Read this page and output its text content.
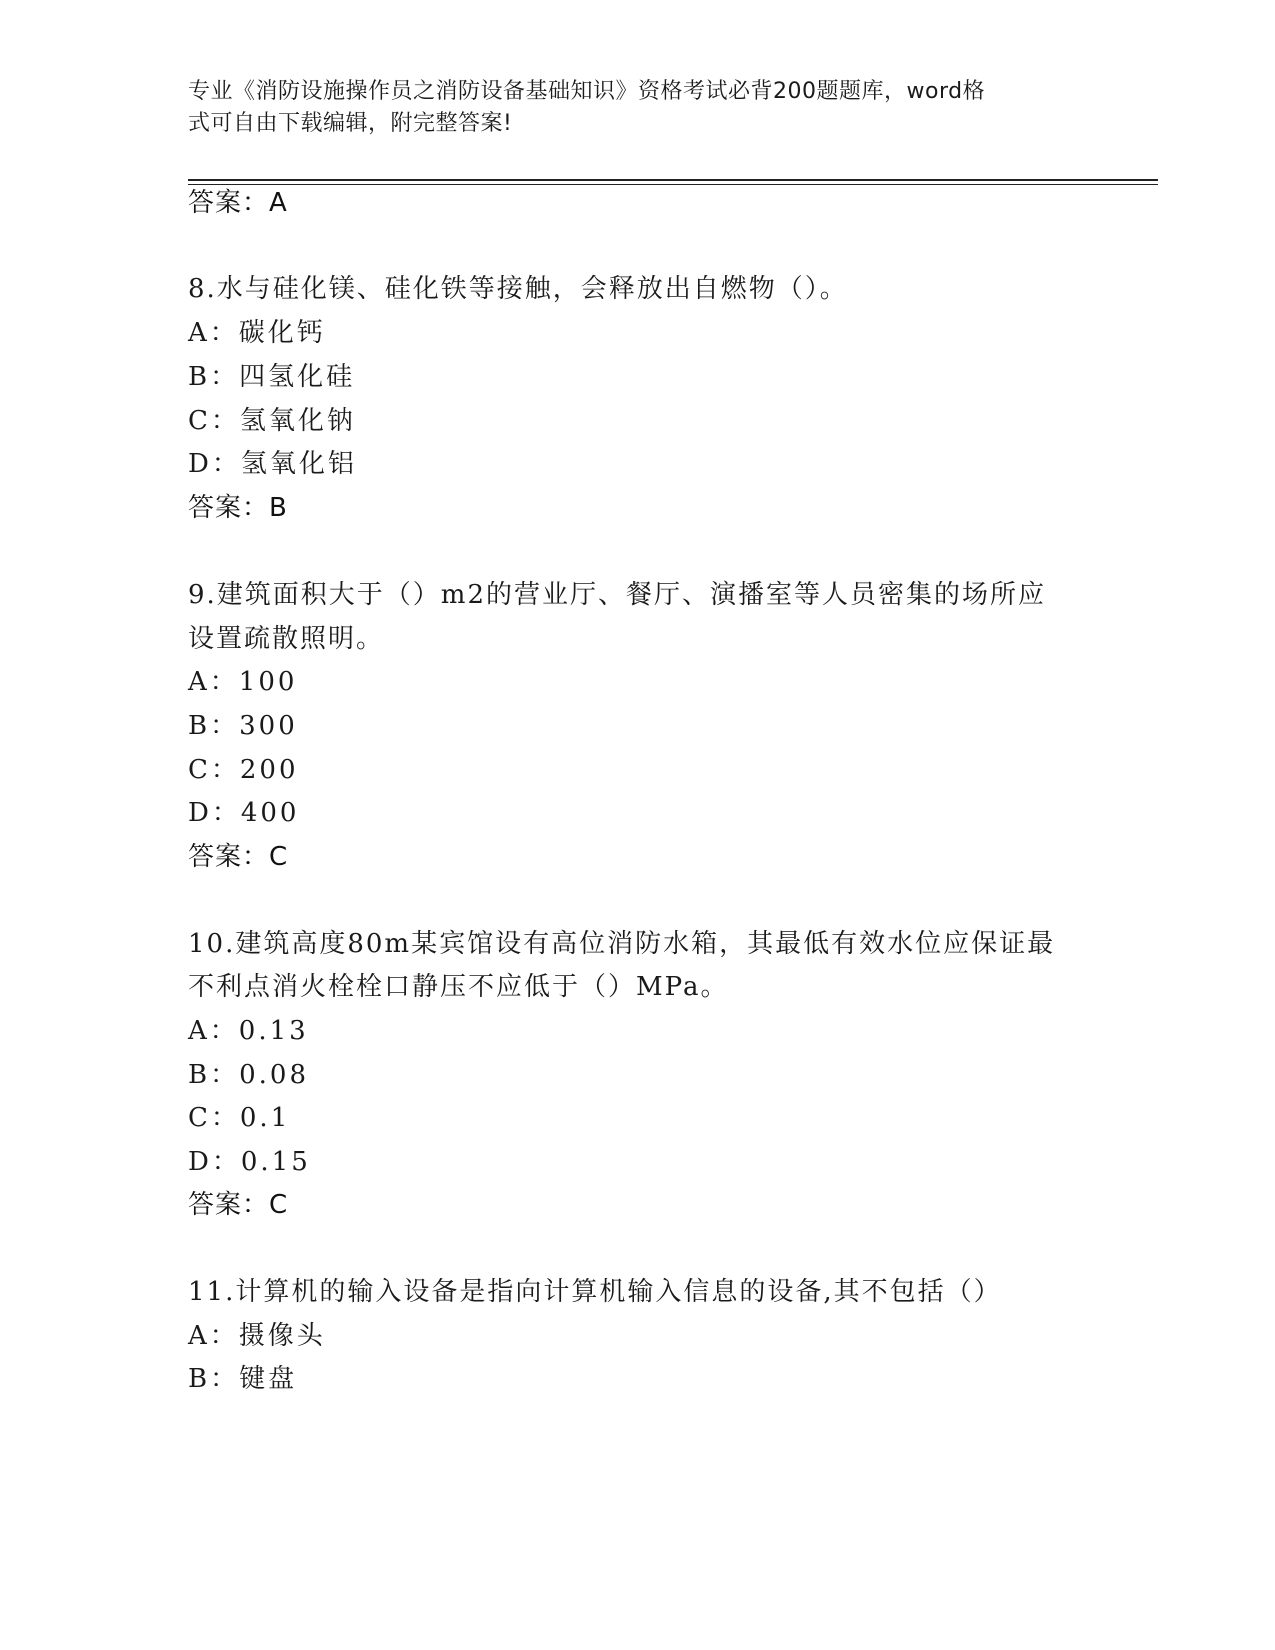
专业《消防设施操作员之消防设备基础知识》资格考试必背200题题库，word格
式可自由下载编辑，附完整答案!
答案：A
8.水与硅化镁、硅化铁等接触，会释放出自燃物（）。
A：碳化钙
B：四氢化硅
C：氢氧化钠
D：氢氧化铝
答案：B
9.建筑面积大于（）m2的营业厅、餐厅、演播室等人员密集的场所应
设置疏散照明。
A：100
B：300
C：200
D：400
答案：C
10.建筑高度80m某宾馆设有高位消防水箱，其最低有效水位应保证最
不利点消火栓栓口静压不应低于（）MPa。
A：0.13
B：0.08
C：0.1
D：0.15
答案：C
11.计算机的输入设备是指向计算机输入信息的设备,其不包括（）
A：摄像头
B：键盘
